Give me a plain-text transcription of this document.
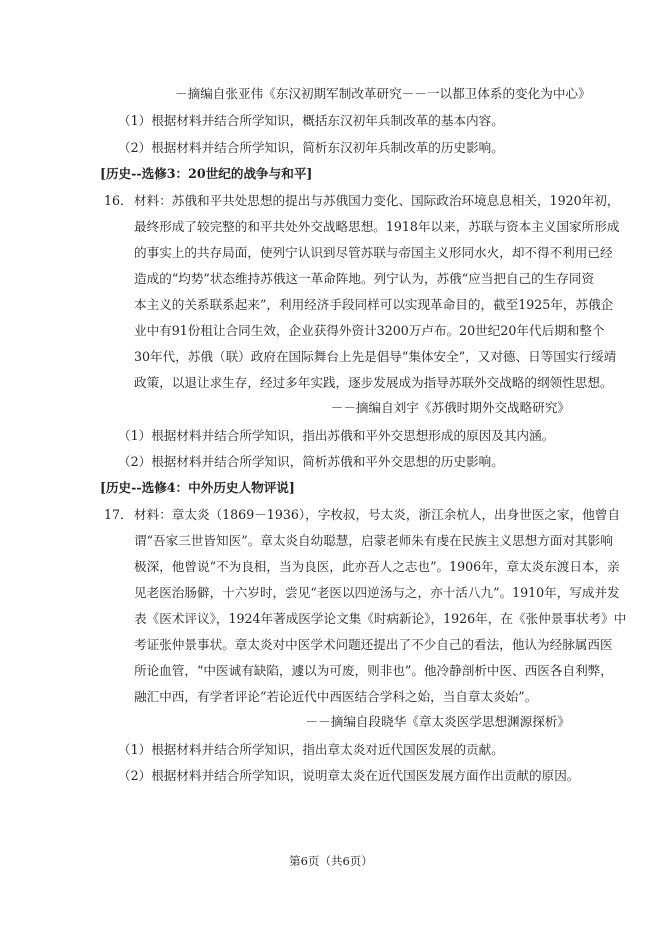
－摘编自张亚伟《东汉初期军制改革研究－－一以都卫体系的变化为中心》
（1）根据材料并结合所学知识，概括东汉初年兵制改革的基本内容。
（2）根据材料并结合所学知识，简析东汉初年兵制改革的历史影响。
[历史--选修3：20世纪的战争与和平]
16． 材料：苏俄和平共处思想的提出与苏俄国力变化、国际政治环境息息相关，1920年初，
最终形成了较完整的和平共处外交战略思想。1918年以来，苏联与资本主义国家所形成
的事实上的共存局面，使列宁认识到尽管苏联与帝国主义形同水火，却不得不利用已经
造成的“均势”状态维持苏俄这一革命阵地。列宁认为，苏俄“应当把自己的生存同资
本主义的关系联系起来”，利用经济手段同样可以实现革命目的，截至1925年，苏俄企
业中有91份租让合同生效，企业获得外资计3200万卢布。20世纪20年代后期和整个
30年代，苏俄（联）政府在国际舞台上先是倡导“集体安全”，又对德、日等国实行绥靖
政策，以退让求生存，经过多年实践，逐步发展成为指导苏联外交战略的纲领性思想。
－－摘编自刘宇《苏俄时期外交战略研究》
（1）根据材料并结合所学知识，指出苏俄和平外交思想形成的原因及其内涵。
（2）根据材料并结合所学知识，简析苏俄和平外交思想的历史影响。
[历史--选修4：中外历史人物评说]
17． 材料：章太炎（1869－1936），字枚叔，号太炎，浙江余杭人，出身世医之家，他曾自
谓“吾家三世皆知医”。章太炎自幼聪慧，启蒙老师朱有虔在民族主义思想方面对其影响
极深，他曾说“不为良相，当为良医，此亦吾人之志也”。1906年，章太炎东渡日本，亲
见老医治肠僻，十六岁时，尝见“老医以四逆汤与之，亦十活八九”。1910年，写成并发
表《医术评议》，1924年著成医学论文集《时病新论》，1926年，在《张仲景事状考》中
考证张仲景事状。章太炎对中医学术问题还提出了不少自己的看法，他认为经脉属西医
所论血管，“中医诚有缺陷，遽以为可废，则非也”。他冷静剖析中医、西医各自利弊，
融汇中西，有学者评论“若论近代中西医结合学科之始，当自章太炎始”。
－－摘编自段晓华《章太炎医学思想渊源探析》
（1）根据材料并结合所学知识，指出章太炎对近代国医发展的贡献。
（2）根据材料并结合所学知识，说明章太炎在近代国医发展方面作出贡献的原因。
第6页（共6页）
